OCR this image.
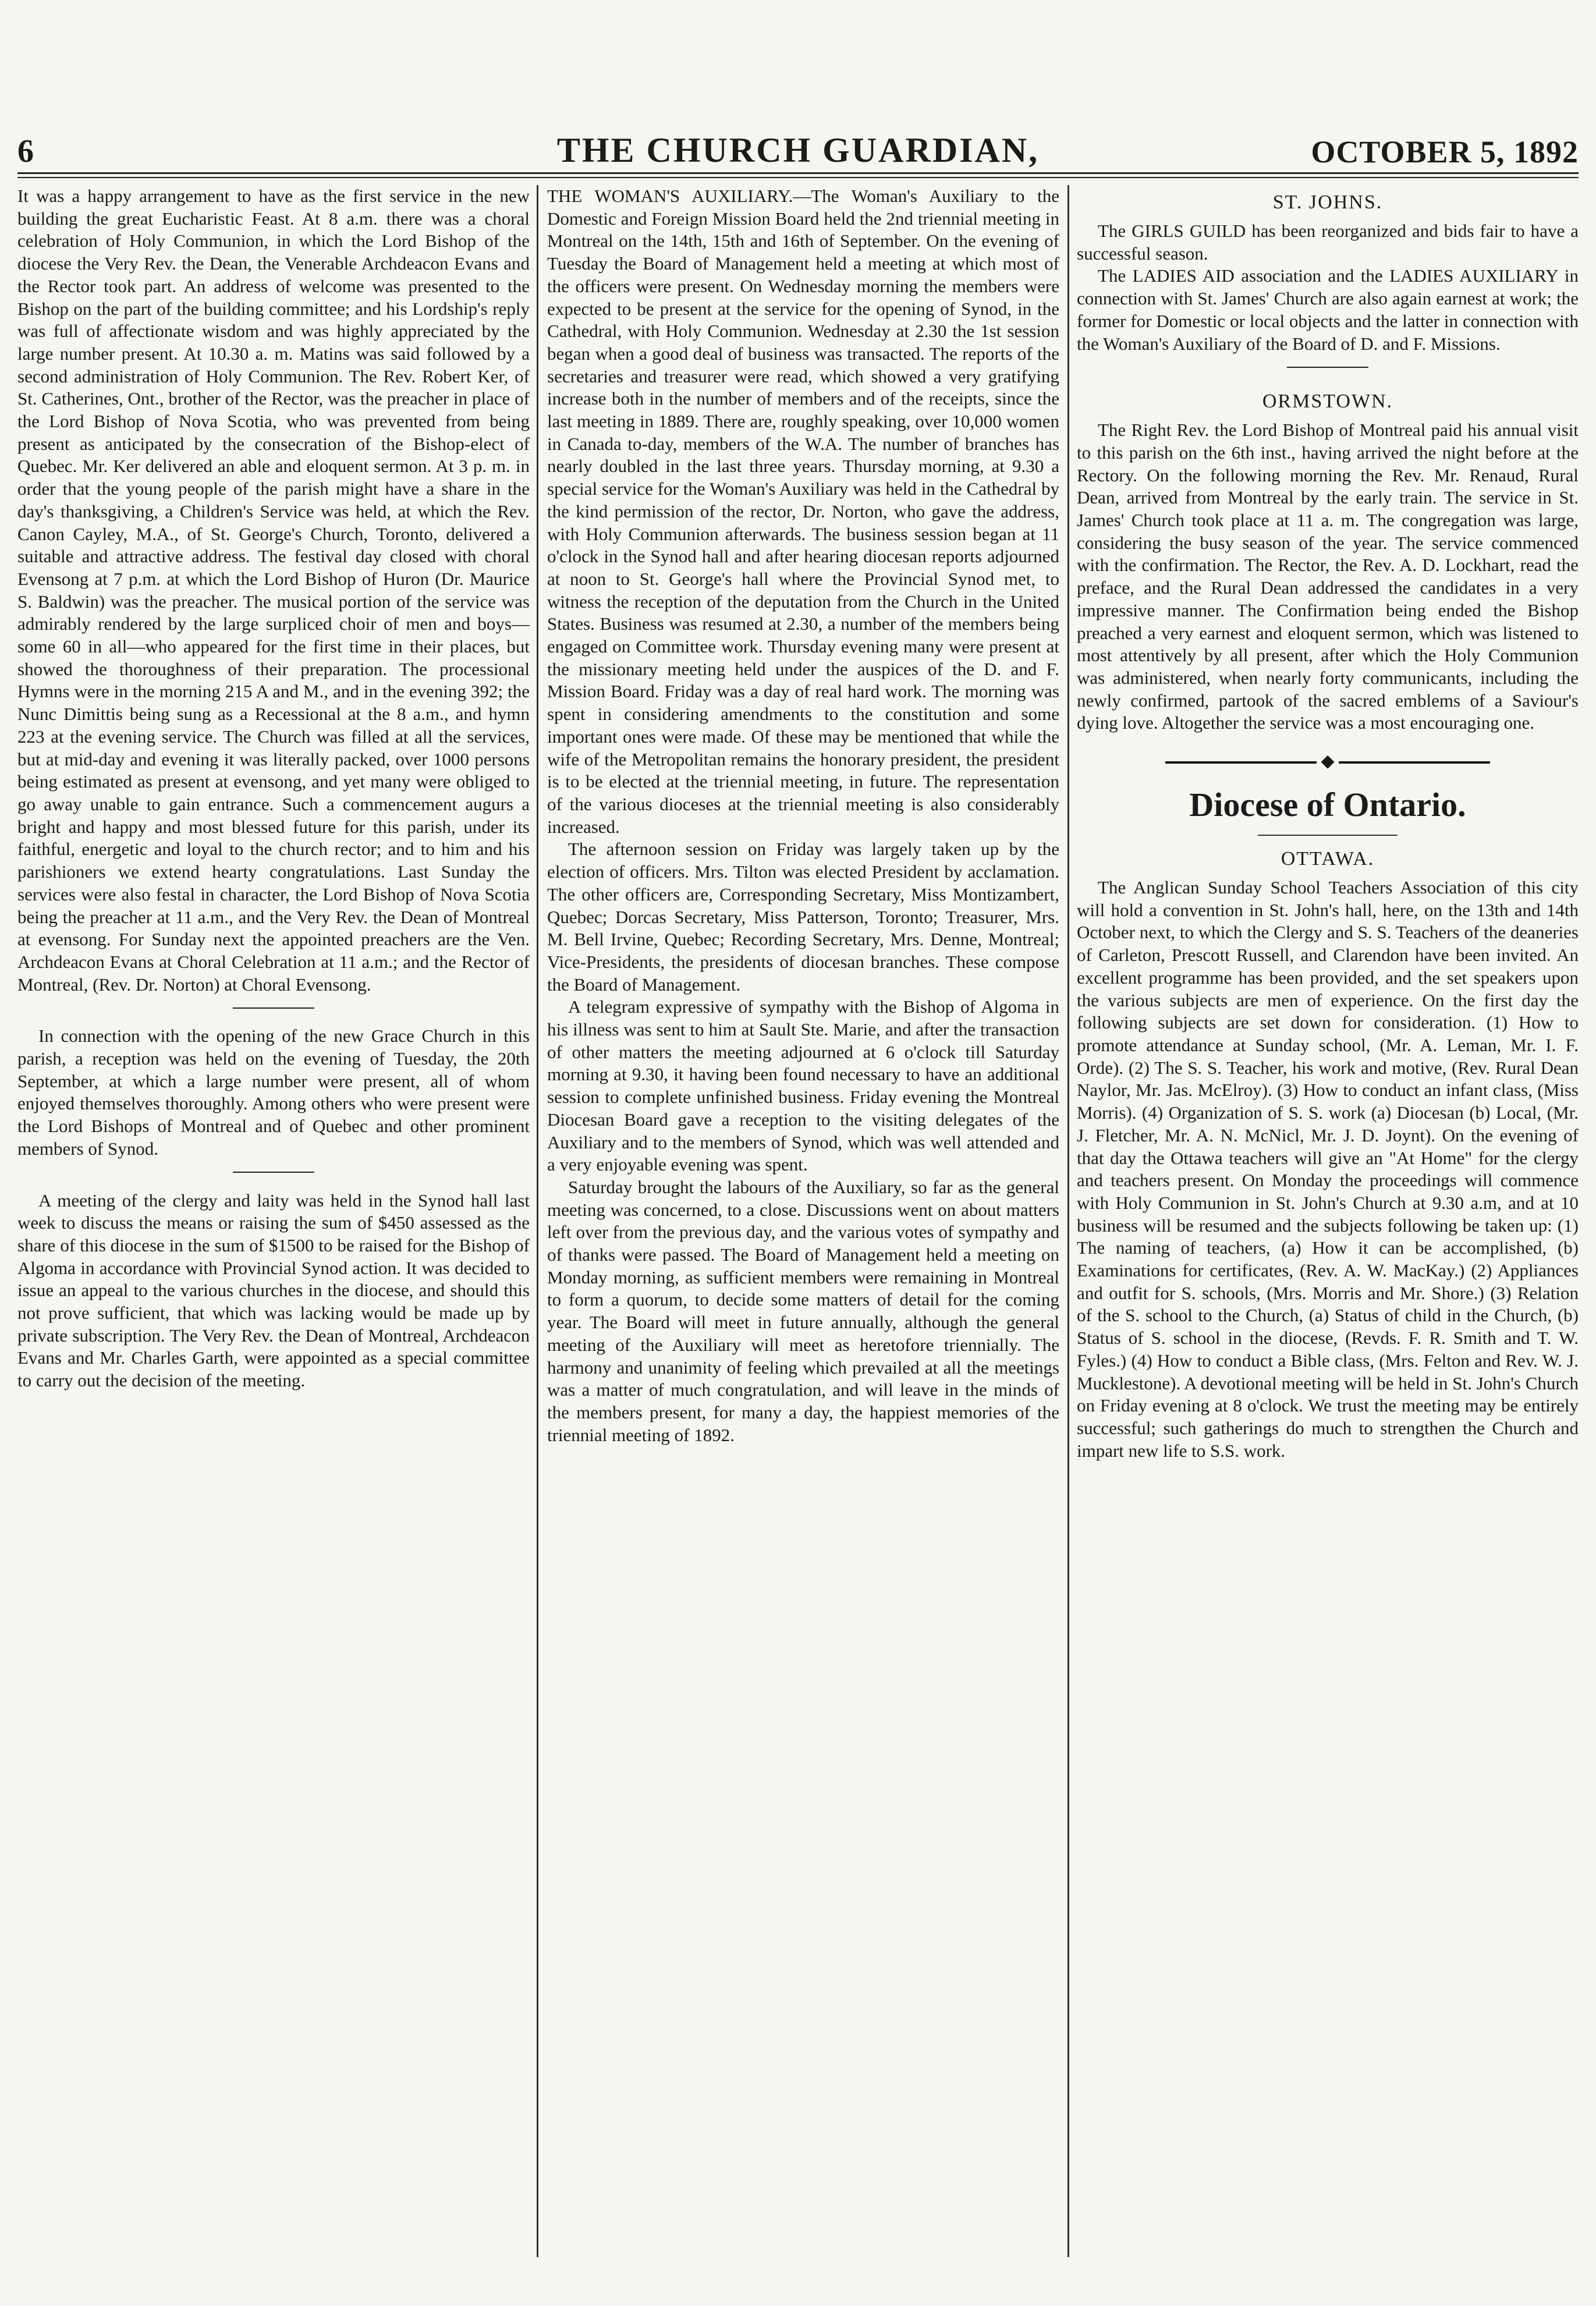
6	THE CHURCH GUARDIAN,	OCTOBER 5, 1892

It was a happy arrangement to have as the first service in the new building the great Eucharistic Feast. At 8 a.m. there was a choral celebration of Holy Communion, in which the Lord Bishop of the diocese the Very Rev. the Dean, the Venerable Archdeacon Evans and the Rector took part. An address of welcome was presented to the Bishop on the part of the building committee; and his Lordship's reply was full of affectionate wisdom and was highly appreciated by the large number present. At 10.30 a. m. Matins was said followed by a second administration of Holy Communion. The Rev. Robert Ker, of St. Catherines, Ont., brother of the Rector, was the preacher in place of the Lord Bishop of Nova Scotia, who was prevented from being present as anticipated by the consecration of the Bishop-elect of Quebec. Mr. Ker delivered an able and eloquent sermon. At 3 p. m. in order that the young people of the parish might have a share in the day's thanksgiving, a Children's Service was held, at which the Rev. Canon Cayley, M.A., of St. George's Church, Toronto, delivered a suitable and attractive address. The festival day closed with choral Evensong at 7 p.m. at which the Lord Bishop of Huron (Dr. Maurice S. Baldwin) was the preacher. The musical portion of the service was admirably rendered by the large surpliced choir of men and boys—some 60 in all—who appeared for the first time in their places, but showed the thoroughness of their preparation. The processional Hymns were in the morning 215 A and M., and in the evening 392; the Nunc Dimittis being sung as a Recessional at the 8 a.m., and hymn 223 at the evening service. The Church was filled at all the services, but at mid-day and evening it was literally packed, over 1000 persons being estimated as present at evensong, and yet many were obliged to go away unable to gain entrance. Such a commencement augurs a bright and happy and most blessed future for this parish, under its faithful, energetic and loyal to the church rector; and to him and his parishioners we extend hearty congratulations. Last Sunday the services were also festal in character, the Lord Bishop of Nova Scotia being the preacher at 11 a.m., and the Very Rev. the Dean of Montreal at evensong. For Sunday next the appointed preachers are the Ven. Archdeacon Evans at Choral Celebration at 11 a.m.; and the Rector of Montreal, (Rev. Dr. Norton) at Choral Evensong.

In connection with the opening of the new Grace Church in this parish, a reception was held on the evening of Tuesday, the 20th September, at which a large number were present, all of whom enjoyed themselves thoroughly. Among others who were present were the Lord Bishops of Montreal and of Quebec and other prominent members of Synod.

A meeting of the clergy and laity was held in the Synod hall last week to discuss the means or raising the sum of $450 assessed as the share of this diocese in the sum of $1500 to be raised for the Bishop of Algoma in accordance with Provincial Synod action. It was decided to issue an appeal to the various churches in the diocese, and should this not prove sufficient, that which was lacking would be made up by private subscription. The Very Rev. the Dean of Montreal, Archdeacon Evans and Mr. Charles Garth, were appointed as a special committee to carry out the decision of the meeting.

THE WOMAN'S AUXILIARY.—The Woman's Auxiliary to the Domestic and Foreign Mission Board held the 2nd triennial meeting in Montreal on the 14th, 15th and 16th of September. On the evening of Tuesday the Board of Management held a meeting at which most of the officers were present. On Wednesday morning the members were expected to be present at the service for the opening of Synod, in the Cathedral, with Holy Communion. Wednesday at 2.30 the 1st session began when a good deal of business was transacted. The reports of the secretaries and treasurer were read, which showed a very gratifying increase both in the number of members and of the receipts, since the last meeting in 1889. There are, roughly speaking, over 10,000 women in Canada to-day, members of the W.A. The number of branches has nearly doubled in the last three years. Thursday morning, at 9.30 a special service for the Woman's Auxiliary was held in the Cathedral by the kind permission of the rector, Dr. Norton, who gave the address, with Holy Communion afterwards. The business session began at 11 o'clock in the Synod hall and after hearing diocesan reports adjourned at noon to St. George's hall where the Provincial Synod met, to witness the reception of the deputation from the Church in the United States. Business was resumed at 2.30, a number of the members being engaged on Committee work. Thursday evening many were present at the missionary meeting held under the auspices of the D. and F. Mission Board. Friday was a day of real hard work. The morning was spent in considering amendments to the constitution and some important ones were made. Of these may be mentioned that while the wife of the Metropolitan remains the honorary president, the president is to be elected at the triennial meeting, in future. The representation of the various dioceses at the triennial meeting is also considerably increased.

The afternoon session on Friday was largely taken up by the election of officers. Mrs. Tilton was elected President by acclamation. The other officers are, Corresponding Secretary, Miss Montizambert, Quebec; Dorcas Secretary, Miss Patterson, Toronto; Treasurer, Mrs. M. Bell Irvine, Quebec; Recording Secretary, Mrs. Denne, Montreal; Vice-Presidents, the presidents of diocesan branches. These compose the Board of Management.

A telegram expressive of sympathy with the Bishop of Algoma in his illness was sent to him at Sault Ste. Marie, and after the transaction of other matters the meeting adjourned at 6 o'clock till Saturday morning at 9.30, it having been found necessary to have an additional session to complete unfinished business. Friday evening the Montreal Diocesan Board gave a reception to the visiting delegates of the Auxiliary and to the members of Synod, which was well attended and a very enjoyable evening was spent.

Saturday brought the labours of the Auxiliary, so far as the general meeting was concerned, to a close. Discussions went on about matters left over from the previous day, and the various votes of sympathy and of thanks were passed. The Board of Management held a meeting on Monday morning, as sufficient members were remaining in Montreal to form a quorum, to decide some matters of detail for the coming year. The Board will meet in future annually, although the general meeting of the Auxiliary will meet as heretofore triennially. The harmony and unanimity of feeling which prevailed at all the meetings was a matter of much congratulation, and will leave in the minds of the members present, for many a day, the happiest memories of the triennial meeting of 1892.

ST. JOHNS.

The GIRLS GUILD has been reorganized and bids fair to have a successful season.

The LADIES AID association and the LADIES AUXILIARY in connection with St. James' Church are also again earnest at work; the former for Domestic or local objects and the latter in connection with the Woman's Auxiliary of the Board of D. and F. Missions.

ORMSTOWN.

The Right Rev. the Lord Bishop of Montreal paid his annual visit to this parish on the 6th inst., having arrived the night before at the Rectory. On the following morning the Rev. Mr. Renaud, Rural Dean, arrived from Montreal by the early train. The service in St. James' Church took place at 11 a. m. The congregation was large, considering the busy season of the year. The service commenced with the confirmation. The Rector, the Rev. A. D. Lockhart, read the preface, and the Rural Dean addressed the candidates in a very impressive manner. The Confirmation being ended the Bishop preached a very earnest and eloquent sermon, which was listened to most attentively by all present, after which the Holy Communion was administered, when nearly forty communicants, including the newly confirmed, partook of the sacred emblems of a Saviour's dying love. Altogether the service was a most encouraging one.

◆
Diocese of Ontario.
OTTAWA.

The Anglican Sunday School Teachers Association of this city will hold a convention in St. John's hall, here, on the 13th and 14th October next, to which the Clergy and S. S. Teachers of the deaneries of Carleton, Prescott Russell, and Clarendon have been invited. An excellent programme has been provided, and the set speakers upon the various subjects are men of experience. On the first day the following subjects are set down for consideration. (1) How to promote attendance at Sunday school, (Mr. A. Leman, Mr. I. F. Orde). (2) The S. S. Teacher, his work and motive, (Rev. Rural Dean Naylor, Mr. Jas. McElroy). (3) How to conduct an infant class, (Miss Morris). (4) Organization of S. S. work (a) Diocesan (b) Local, (Mr. J. Fletcher, Mr. A. N. McNicl, Mr. J. D. Joynt). On the evening of that day the Ottawa teachers will give an "At Home" for the clergy and teachers present. On Monday the proceedings will commence with Holy Communion in St. John's Church at 9.30 a.m, and at 10 business will be resumed and the subjects following be taken up: (1) The naming of teachers, (a) How it can be accomplished, (b) Examinations for certificates, (Rev. A. W. MacKay.) (2) Appliances and outfit for S. schools, (Mrs. Morris and Mr. Shore.) (3) Relation of the S. school to the Church, (a) Status of child in the Church, (b) Status of S. school in the diocese, (Revds. F. R. Smith and T. W. Fyles.) (4) How to conduct a Bible class, (Mrs. Felton and Rev. W. J. Mucklestone). A devotional meeting will be held in St. John's Church on Friday evening at 8 o'clock. We trust the meeting may be entirely successful; such gatherings do much to strengthen the Church and impart new life to S.S. work.
